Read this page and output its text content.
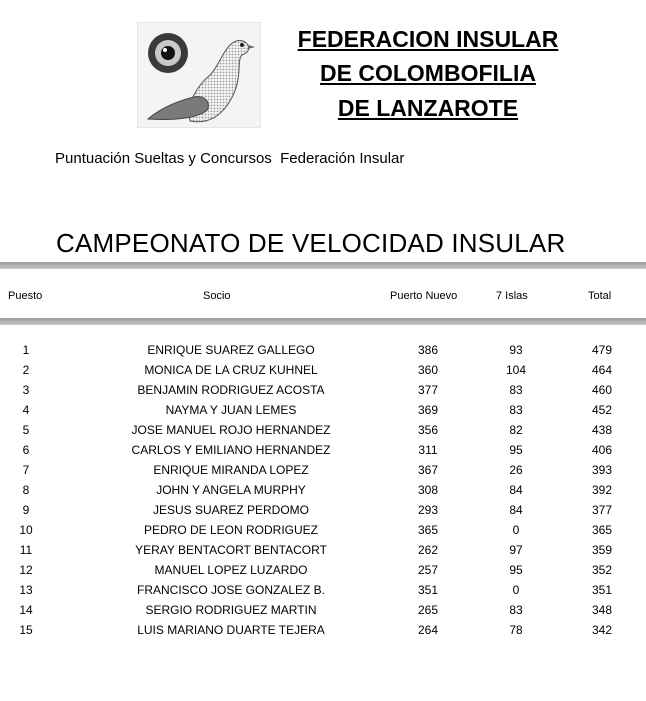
FEDERACION INSULAR
DE COLOMBOFILIA
DE LANZAROTE
Puntuación Sueltas y Concursos  Federación Insular
CAMPEONATO DE VELOCIDAD INSULAR
Puesto	Socio	Puerto Nuevo	7 Islas	Total
1	ENRIQUE SUAREZ GALLEGO	386	93	479
2	MONICA DE LA CRUZ KUHNEL	360	104	464
3	BENJAMIN RODRIGUEZ ACOSTA	377	83	460
4	NAYMA Y JUAN LEMES	369	83	452
5	JOSE MANUEL ROJO HERNANDEZ	356	82	438
6	CARLOS Y EMILIANO HERNANDEZ	311	95	406
7	ENRIQUE MIRANDA LOPEZ	367	26	393
8	JOHN Y ANGELA MURPHY	308	84	392
9	JESUS SUAREZ PERDOMO	293	84	377
10	PEDRO DE LEON RODRIGUEZ	365	0	365
11	YERAY BENTACORT BENTACORT	262	97	359
12	MANUEL LOPEZ LUZARDO	257	95	352
13	FRANCISCO JOSE GONZALEZ B.	351	0	351
14	SERGIO RODRIGUEZ MARTIN	265	83	348
15	LUIS MARIANO DUARTE TEJERA	264	78	342
